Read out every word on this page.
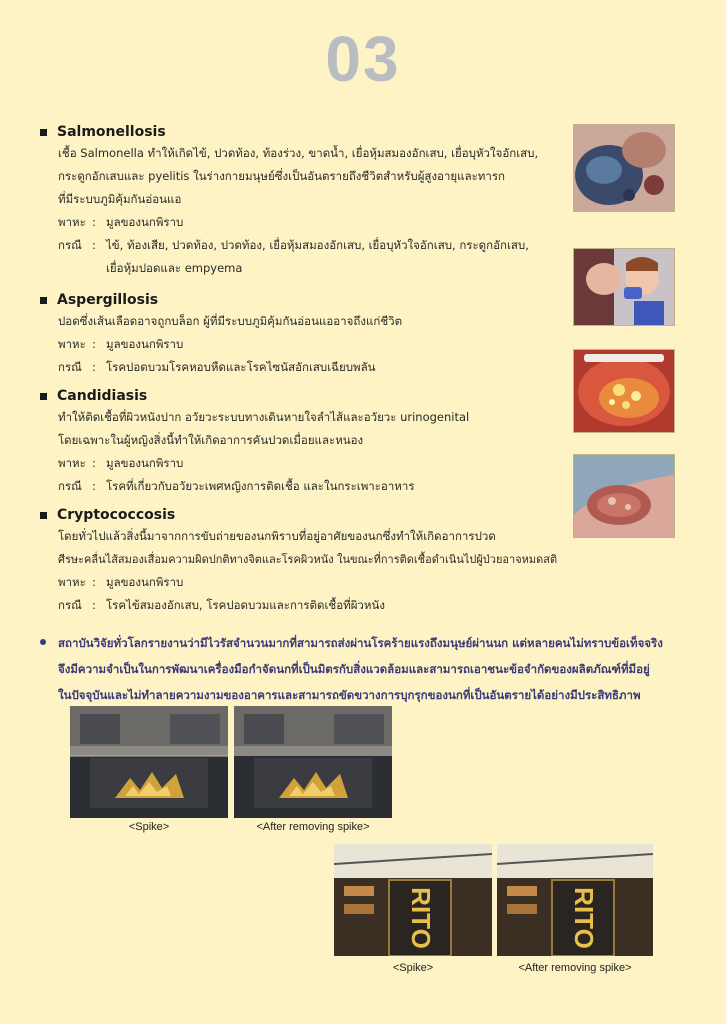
03
Salmonellosis
เชื้อ Salmonella ทำให้เกิดไข้, ปวดท้อง, ท้องร่วง, ขาดน้ำ, เยื่อหุ้มสมองอักเสบ, เยื่อบุหัวใจอักเสบ,
กระดูกอักเสบและ pyelitis ในร่างกายมนุษย์ซึ่งเป็นอันตรายถึงชีวิตสำหรับผู้สูงอายุและทารก
ที่มีระบบภูมิคุ้มกันอ่อนแอ
พาหะ : มูลของนกพิราบ
กรณี : ไข้, ท้องเสีย, ปวดท้อง, ปวดท้อง, เยื่อหุ้มสมองอักเสบ, เยื่อบุหัวใจอักเสบ, กระดูกอักเสบ,
เยื่อหุ้มปอดและ empyema
Aspergillosis
ปอดซึ่งเส้นเลือดอาจถูกบล็อก ผู้ที่มีระบบภูมิคุ้มกันอ่อนแออาจถึงแก่ชีวิต
พาหะ : มูลของนกพิราบ
กรณี : โรคปอดบวมโรคหอบหืดและโรคไซนัสอักเสบเฉียบพลัน
Candidiasis
ทำให้ติดเชื้อที่ผิวหนังปาก อวัยวะระบบทางเดินหายใจลำไส้และอวัยวะ urinogenital
โดยเฉพาะในผู้หญิงสิ่งนี้ทำให้เกิดอาการคันปวดเมื่อยและหนอง
พาหะ : มูลของนกพิราบ
กรณี : โรคที่เกี่ยวกับอวัยวะเพศหญิงการติดเชื้อ และในกระเพาะอาหาร
Cryptococcosis
โดยทั่วไปแล้วสิ่งนี้มาจากการขับถ่ายของนกพิราบที่อยู่อาศัยของนกซึ่งทำให้เกิดอาการปวด
ศีรษะคลื่นไส้สมองเสื่อมความผิดปกติทางจิตและโรคผิวหนัง ในขณะที่การติดเชื้อดำเนินไปผู้ป่วยอาจหมดสติ
พาหะ : มูลของนกพิราบ
กรณี : โรคไข้สมองอักเสบ, โรคปอดบวมและการติดเชื้อที่ผิวหนัง
สถาบันวิจัยทั่วโลกรายงานว่ามีไวรัสจำนวนมากที่สามารถส่งผ่านโรคร้ายแรงถึงมนุษย์ผ่านนก แต่หลายคนไม่ทราบข้อเท็จจริง
จึงมีความจำเป็นในการพัฒนาเครื่องมือกำจัดนกที่เป็นมิตรกับสิ่งแวดล้อมและสามารถเอาชนะข้อจำกัดของผลิตภัณฑ์ที่มีอยู่
ในปัจจุบันและไม่ทำลายความงามของอาคารและสามารถขัดขวางการบุกรุกของนกที่เป็นอันตรายได้อย่างมีประสิทธิภาพ
<Spike>	<After removing spike>
RITO	RITO
<Spike>	<After removing spike>
